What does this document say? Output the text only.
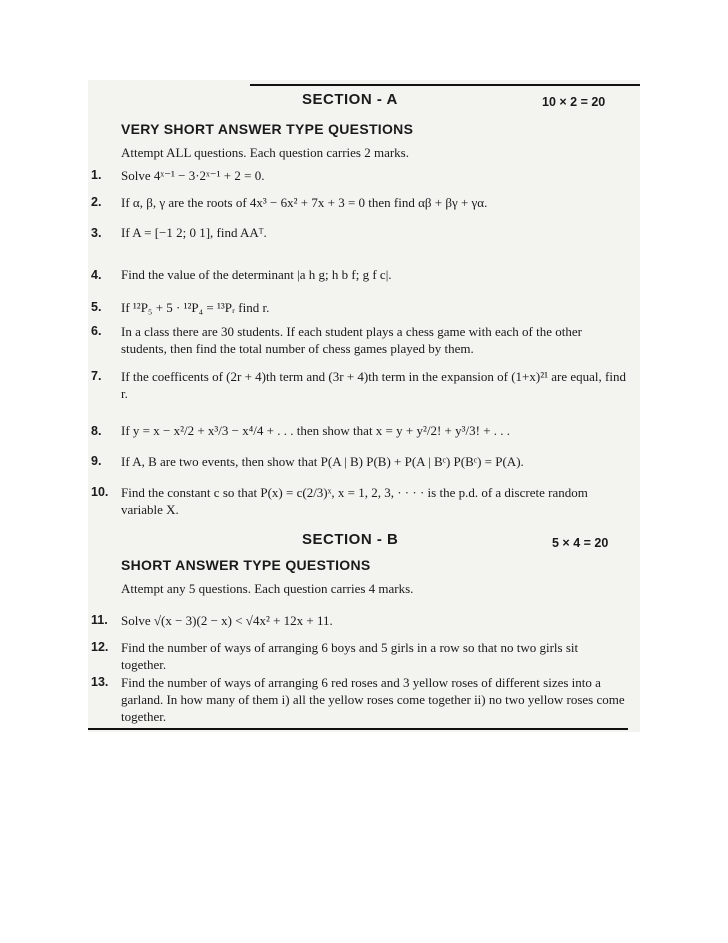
SECTION - A	10 × 2 = 20
VERY SHORT ANSWER TYPE QUESTIONS
Attempt ALL questions. Each question carries 2 marks.
1. Solve 4ˣ⁻¹ − 3·2ˣ⁻¹ + 2 = 0.
2. If α, β, γ are the roots of 4x³ − 6x² + 7x + 3 = 0 then find αβ + βγ + γα.
3. If A = [−1 2; 0 1], find AAᵀ.
4. Find the value of the determinant |a h g; h b f; g f c|.
5. If ¹²P₅ + 5 · ¹²P₄ = ¹³Pᵣ find r.
6. In a class there are 30 students. If each student plays a chess game with each of the other students, then find the total number of chess games played by them.
7. If the coefficents of (2r + 4)th term and (3r + 4)th term in the expansion of (1+x)²¹ are equal, find r.
8. If y = x − x²/2 + x³/3 − x⁴/4 + . . . then show that x = y + y²/2! + y³/3! + . . .
9. If A, B are two events, then show that P(A | B) P(B) + P(A | Bᶜ) P(Bᶜ) = P(A).
10. Find the constant c so that P(x) = c(2/3)ˣ, x = 1, 2, 3, · · · · is the p.d. of a discrete random variable X.
SECTION - B	5 × 4 = 20
SHORT ANSWER TYPE QUESTIONS
Attempt any 5 questions. Each question carries 4 marks.
11. Solve √(x − 3)(2 − x) < √4x² + 12x + 11.
12. Find the number of ways of arranging 6 boys and 5 girls in a row so that no two girls sit together.
13. Find the number of ways of arranging 6 red roses and 3 yellow roses of different sizes into a garland. In how many of them i) all the yellow roses come together ii) no two yellow roses come together.
